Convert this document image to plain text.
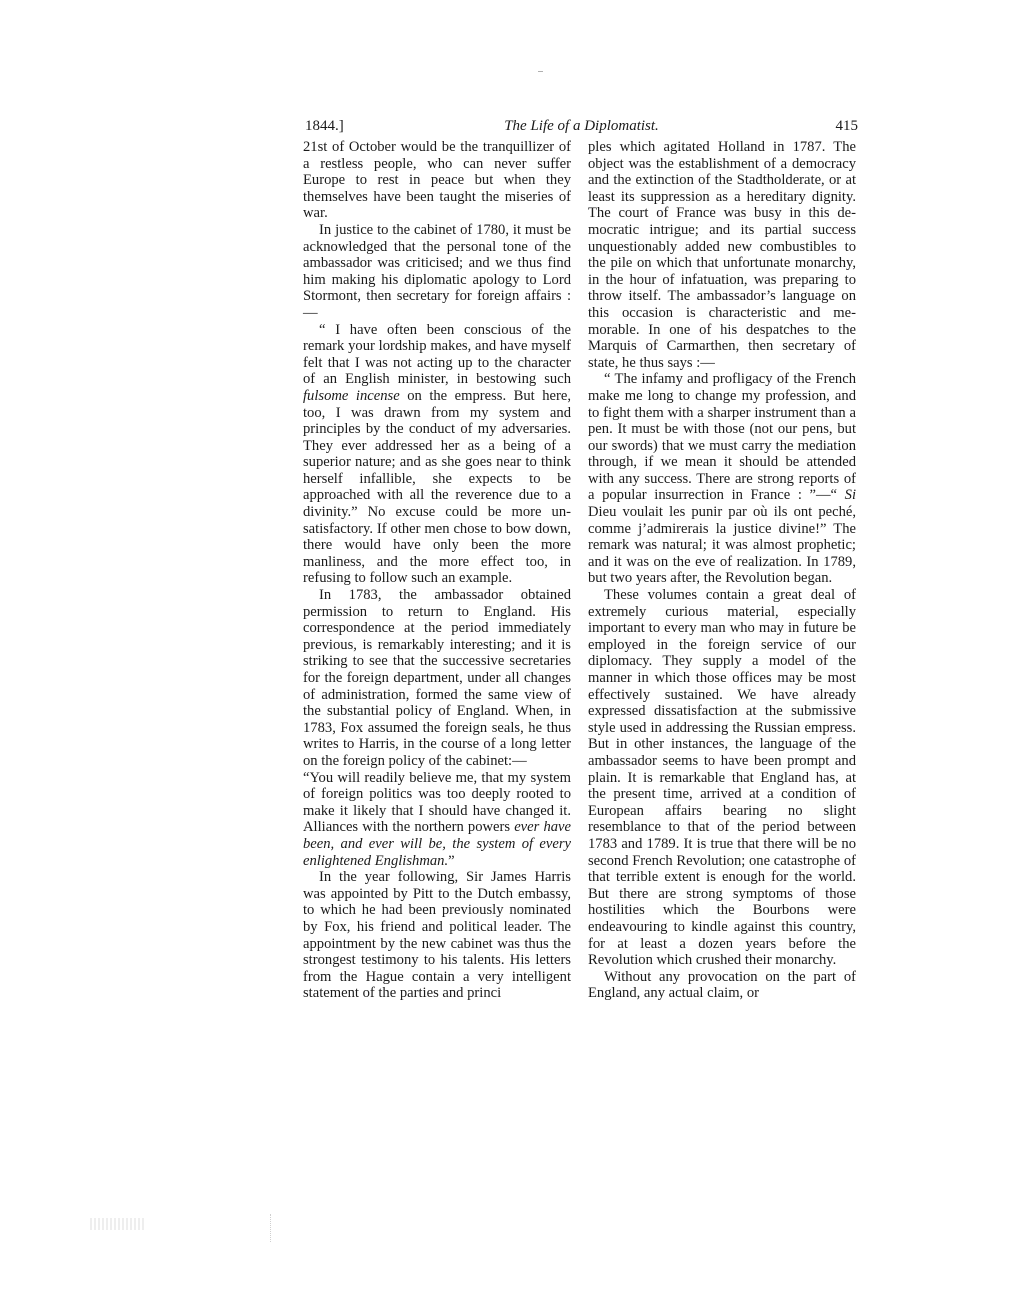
1844.]	The Life of a Diplomatist.	415

21st of October would be the tranquillizer of a restless people, who can never suffer Europe to rest in peace but when they themselves have been taught the miseries of war.

In justice to the cabinet of 1780, it must be acknowledged that the personal tone of the ambassador was criticised; and we thus find him making his diplomatic apology to Lord Stormont, then secretary for foreign affairs :—

“ I have often been conscious of the remark your lordship makes, and have myself felt that I was not acting up to the character of an English minister, in bestowing such fulsome incense on the empress. But here, too, I was drawn from my system and principles by the conduct of my adversaries. They ever addressed her as a being of a superior nature; and as she goes near to think herself infallible, she expects to be approached with all the reverence due to a divinity.” No excuse could be more unsatisfactory. If other men chose to bow down, there would have only been the more manliness, and the more effect too, in refusing to follow such an example.

In 1783, the ambassador obtained permission to return to England. His correspondence at the period immediately previous, is remarkably interesting; and it is striking to see that the successive secretaries for the foreign department, under all changes of administration, formed the same view of the substantial policy of England. When, in 1783, Fox assumed the foreign seals, he thus writes to Harris, in the course of a long letter on the foreign policy of the cabinet:—

“You will readily believe me, that my system of foreign politics was too deeply rooted to make it likely that I should have changed it. Alliances with the northern powers ever have been, and ever will be, the system of every enlightened Englishman.”

In the year following, Sir James Harris was appointed by Pitt to the Dutch embassy, to which he had been previously nominated by Fox, his friend and political leader. The appointment by the new cabinet was thus the strongest testimony to his talents. His letters from the Hague contain a very intelligent statement of the parties and princi

ples which agitated Holland in 1787. The object was the establishment of a democracy and the extinction of the Stadtholderate, or at least its suppression as a hereditary dignity. The court of France was busy in this democratic intrigue; and its partial success unquestionably added new combustibles to the pile on which that unfortunate monarchy, in the hour of infatuation, was preparing to throw itself. The ambassador’s language on this occasion is characteristic and memorable. In one of his despatches to the Marquis of Carmarthen, then secretary of state, he thus says :—

“ The infamy and profligacy of the French make me long to change my profession, and to fight them with a sharper instrument than a pen. It must be with those (not our pens, but our swords) that we must carry the mediation through, if we mean it should be attended with any success. There are strong reports of a popular insurrection in France : ”—“ Si Dieu voulait les punir par où ils ont peché, comme j’admirerais la justice divine!” The remark was natural; it was almost prophetic; and it was on the eve of realization. In 1789, but two years after, the Revolution began.

These volumes contain a great deal of extremely curious material, especially important to every man who may in future be employed in the foreign service of our diplomacy. They supply a model of the manner in which those offices may be most effectively sustained. We have already expressed dissatisfaction at the submissive style used in addressing the Russian empress. But in other instances, the language of the ambassador seems to have been prompt and plain. It is remarkable that England has, at the present time, arrived at a condition of European affairs bearing no slight resemblance to that of the period between 1783 and 1789. It is true that there will be no second French Revolution; one catastrophe of that terrible extent is enough for the world. But there are strong symptoms of those hostilities which the Bourbons were endeavouring to kindle against this country, for at least a dozen years before the Revolution which crushed their monarchy.

Without any provocation on the part of England, any actual claim, or
